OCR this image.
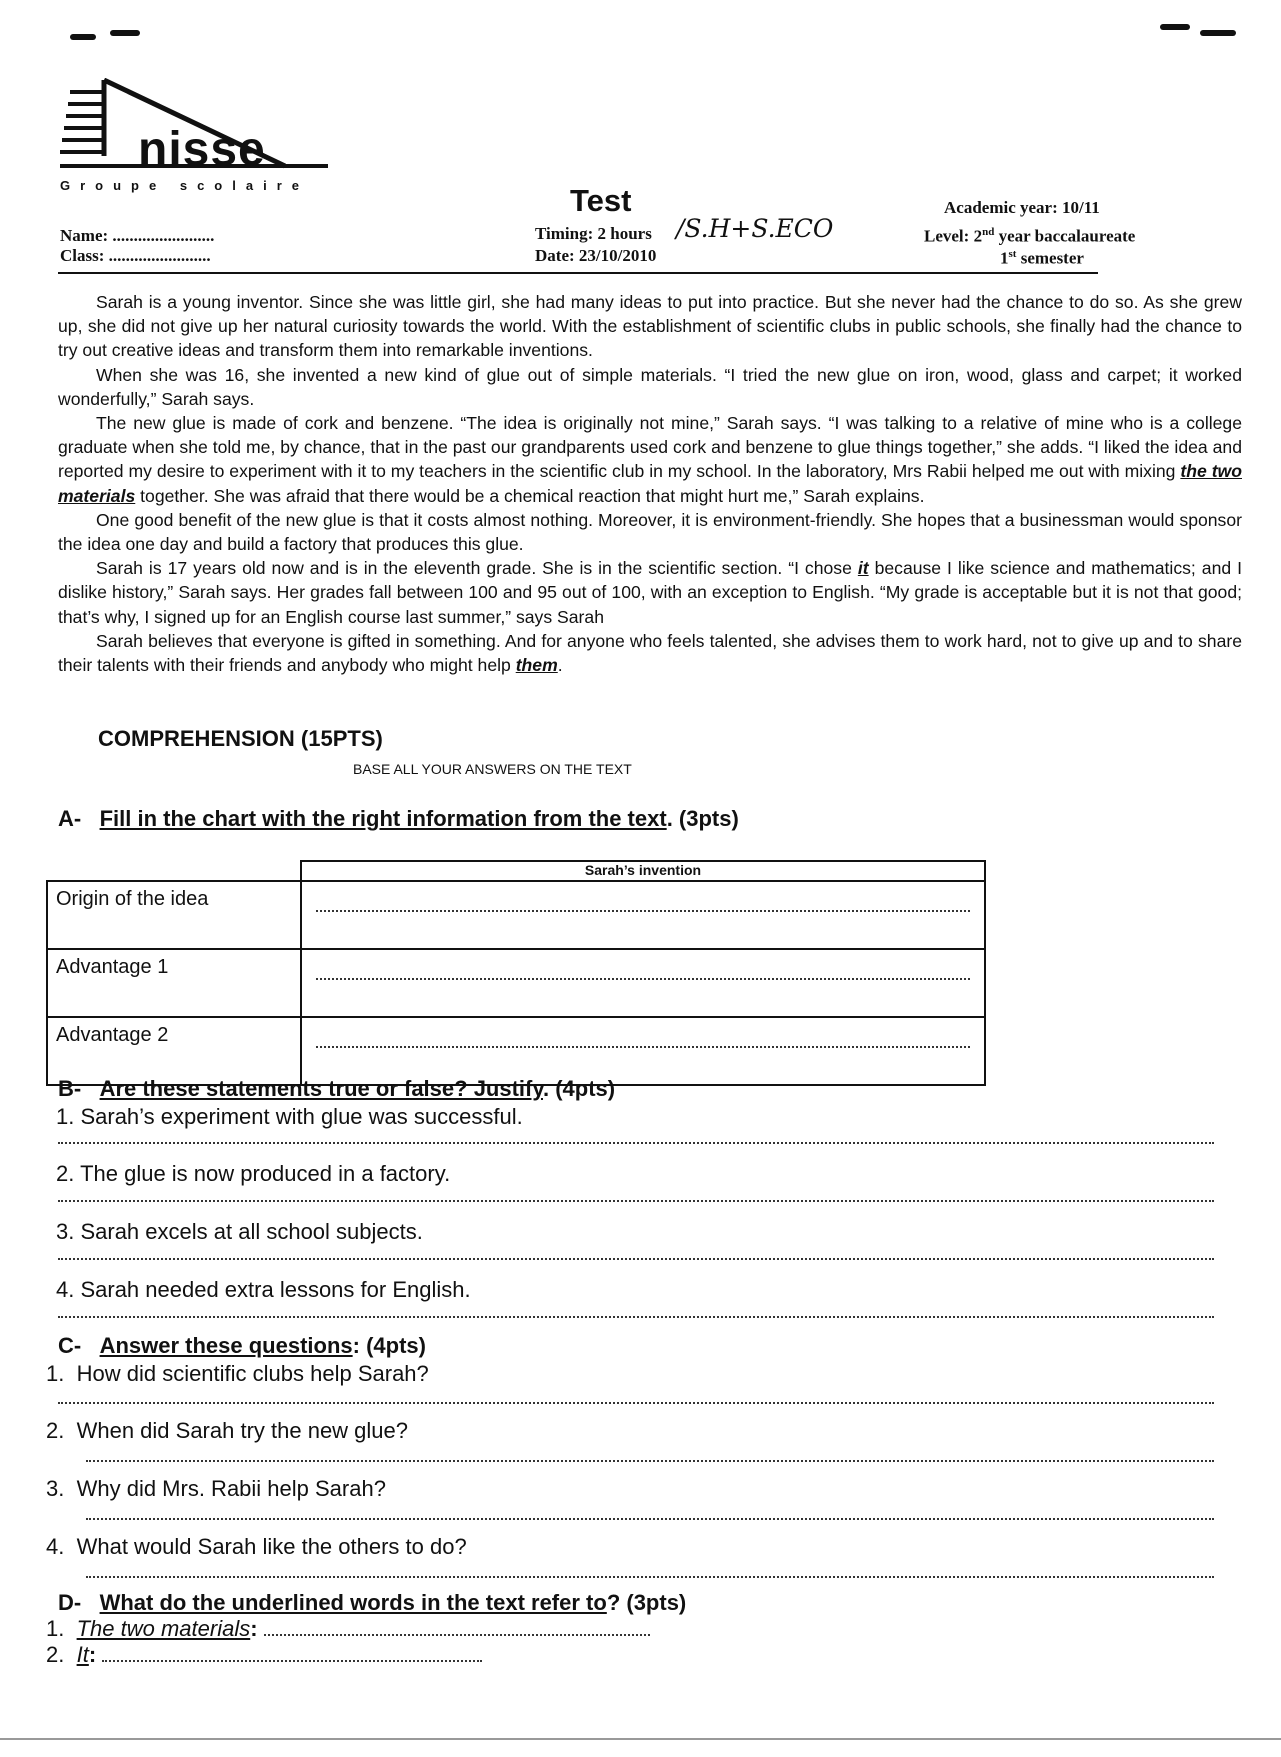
nisse
Groupe scolaire
Name: ........................
Class: ........................
Test
Timing: 2 hours /S.H+S.ECO
Date: 23/10/2010
Academic year: 10/11
Level: 2nd year baccalaureate
1st semester

Sarah is a young inventor. Since she was little girl, she had many ideas to put into practice. But she never had the chance to do so. As she grew up, she did not give up her natural curiosity towards the world. With the establishment of scientific clubs in public schools, she finally had the chance to try out creative ideas and transform them into remarkable inventions.

When she was 16, she invented a new kind of glue out of simple materials. “I tried the new glue on iron, wood, glass and carpet; it worked wonderfully,” Sarah says.

The new glue is made of cork and benzene. “The idea is originally not mine,” Sarah says. “I was talking to a relative of mine who is a college graduate when she told me, by chance, that in the past our grandparents used cork and benzene to glue things together,” she adds. “I liked the idea and reported my desire to experiment with it to my teachers in the scientific club in my school. In the laboratory, Mrs Rabii helped me out with mixing the two materials together. She was afraid that there would be a chemical reaction that might hurt me,” Sarah explains.

One good benefit of the new glue is that it costs almost nothing. Moreover, it is environment-friendly. She hopes that a businessman would sponsor the idea one day and build a factory that produces this glue.

Sarah is 17 years old now and is in the eleventh grade. She is in the scientific section. “I chose it because I like science and mathematics; and I dislike history,” Sarah says. Her grades fall between 100 and 95 out of 100, with an exception to English. “My grade is acceptable but it is not that good; that’s why, I signed up for an English course last summer,” says Sarah

Sarah believes that everyone is gifted in something. And for anyone who feels talented, she advises them to work hard, not to give up and to share their talents with their friends and anybody who might help them.

COMPREHENSION (15PTS)
BASE ALL YOUR ANSWERS ON THE TEXT
A- Fill in the chart with the right information from the text. (3pts)
	Sarah’s invention
Origin of the idea	

Advantage 1	

Advantage 2	
B- Are these statements true or false? Justify. (4pts)
1. Sarah’s experiment with glue was successful.
2. The glue is now produced in a factory.
3. Sarah excels at all school subjects.
4. Sarah needed extra lessons for English.
C- Answer these questions: (4pts)
1. How did scientific clubs help Sarah?
2. When did Sarah try the new glue?
3. Why did Mrs. Rabii help Sarah?
4. What would Sarah like the others to do?
D- What do the underlined words in the text refer to? (3pts)
1. The two materials:
2. It:
